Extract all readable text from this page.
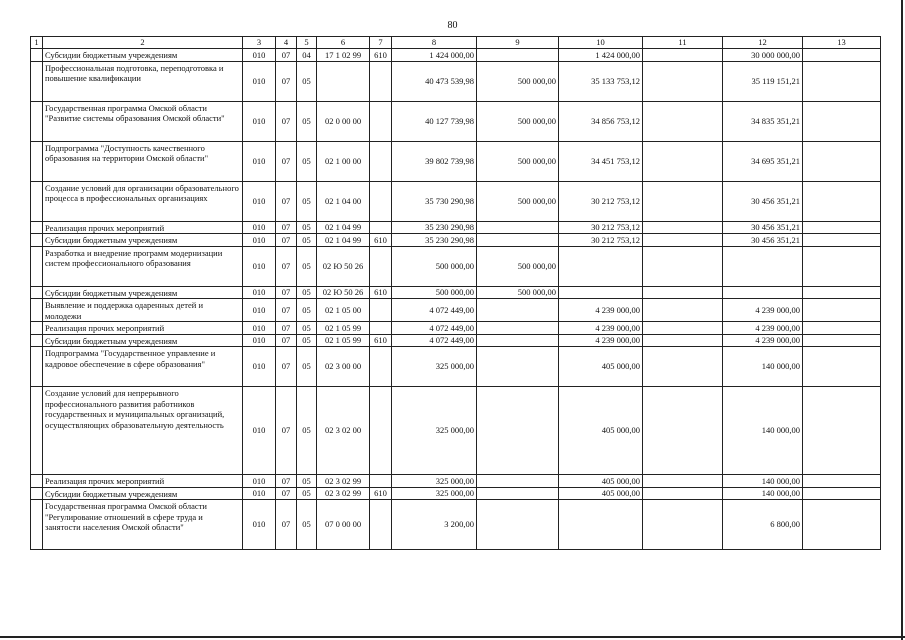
80
1	2	3	4	5	6	7	8	9	10	11	12	13
	Субсидии бюджетным учреждениям	010	07	04	17 1 02 99	610	1 424 000,00		1 424 000,00		30 000 000,00	
	Профессиональная подготовка, переподготовка и повышение квалификации	010	07	05			40 473 539,98	500 000,00	35 133 753,12		35 119 151,21	
	Государственная программа Омской области "Развитие системы образования Омской области"	010	07	05	02 0 00 00		40 127 739,98	500 000,00	34 856 753,12		34 835 351,21	
	Подпрограмма "Доступность качественного образования на территории Омской области"	010	07	05	02 1 00 00		39 802 739,98	500 000,00	34 451 753,12		34 695 351,21	
	Создание условий для организации образовательного процесса в профессиональных организациях	010	07	05	02 1 04 00		35 730 290,98	500 000,00	30 212 753,12		30 456 351,21	
	Реализация прочих мероприятий	010	07	05	02 1 04 99		35 230 290,98		30 212 753,12		30 456 351,21	
	Субсидии бюджетным учреждениям	010	07	05	02 1 04 99	610	35 230 290,98		30 212 753,12		30 456 351,21	
	Разработка и внедрение программ модернизации систем профессионального образования	010	07	05	02 Ю 50 26		500 000,00	500 000,00				
	Субсидии бюджетным учреждениям	010	07	05	02 Ю 50 26	610	500 000,00	500 000,00				
	Выявление и поддержка одаренных детей и молодежи	010	07	05	02 1 05 00		4 072 449,00		4 239 000,00		4 239 000,00	
	Реализация прочих мероприятий	010	07	05	02 1 05 99		4 072 449,00		4 239 000,00		4 239 000,00	
	Субсидии бюджетным учреждениям	010	07	05	02 1 05 99	610	4 072 449,00		4 239 000,00		4 239 000,00	
	Подпрограмма "Государственное управление и кадровое обеспечение в сфере образования"	010	07	05	02 3 00 00		325 000,00		405 000,00		140 000,00	
	Создание условий для непрерывного профессионального развития работников государственных и муниципальных организаций, осуществляющих образовательную деятельность	010	07	05	02 3 02 00		325 000,00		405 000,00		140 000,00	
	Реализация прочих мероприятий	010	07	05	02 3 02 99		325 000,00		405 000,00		140 000,00	
	Субсидии бюджетным учреждениям	010	07	05	02 3 02 99	610	325 000,00		405 000,00		140 000,00	
	Государственная программа Омской области "Регулирование отношений в сфере труда и занятости населения Омской области"	010	07	05	07 0 00 00		3 200,00				6 800,00	
